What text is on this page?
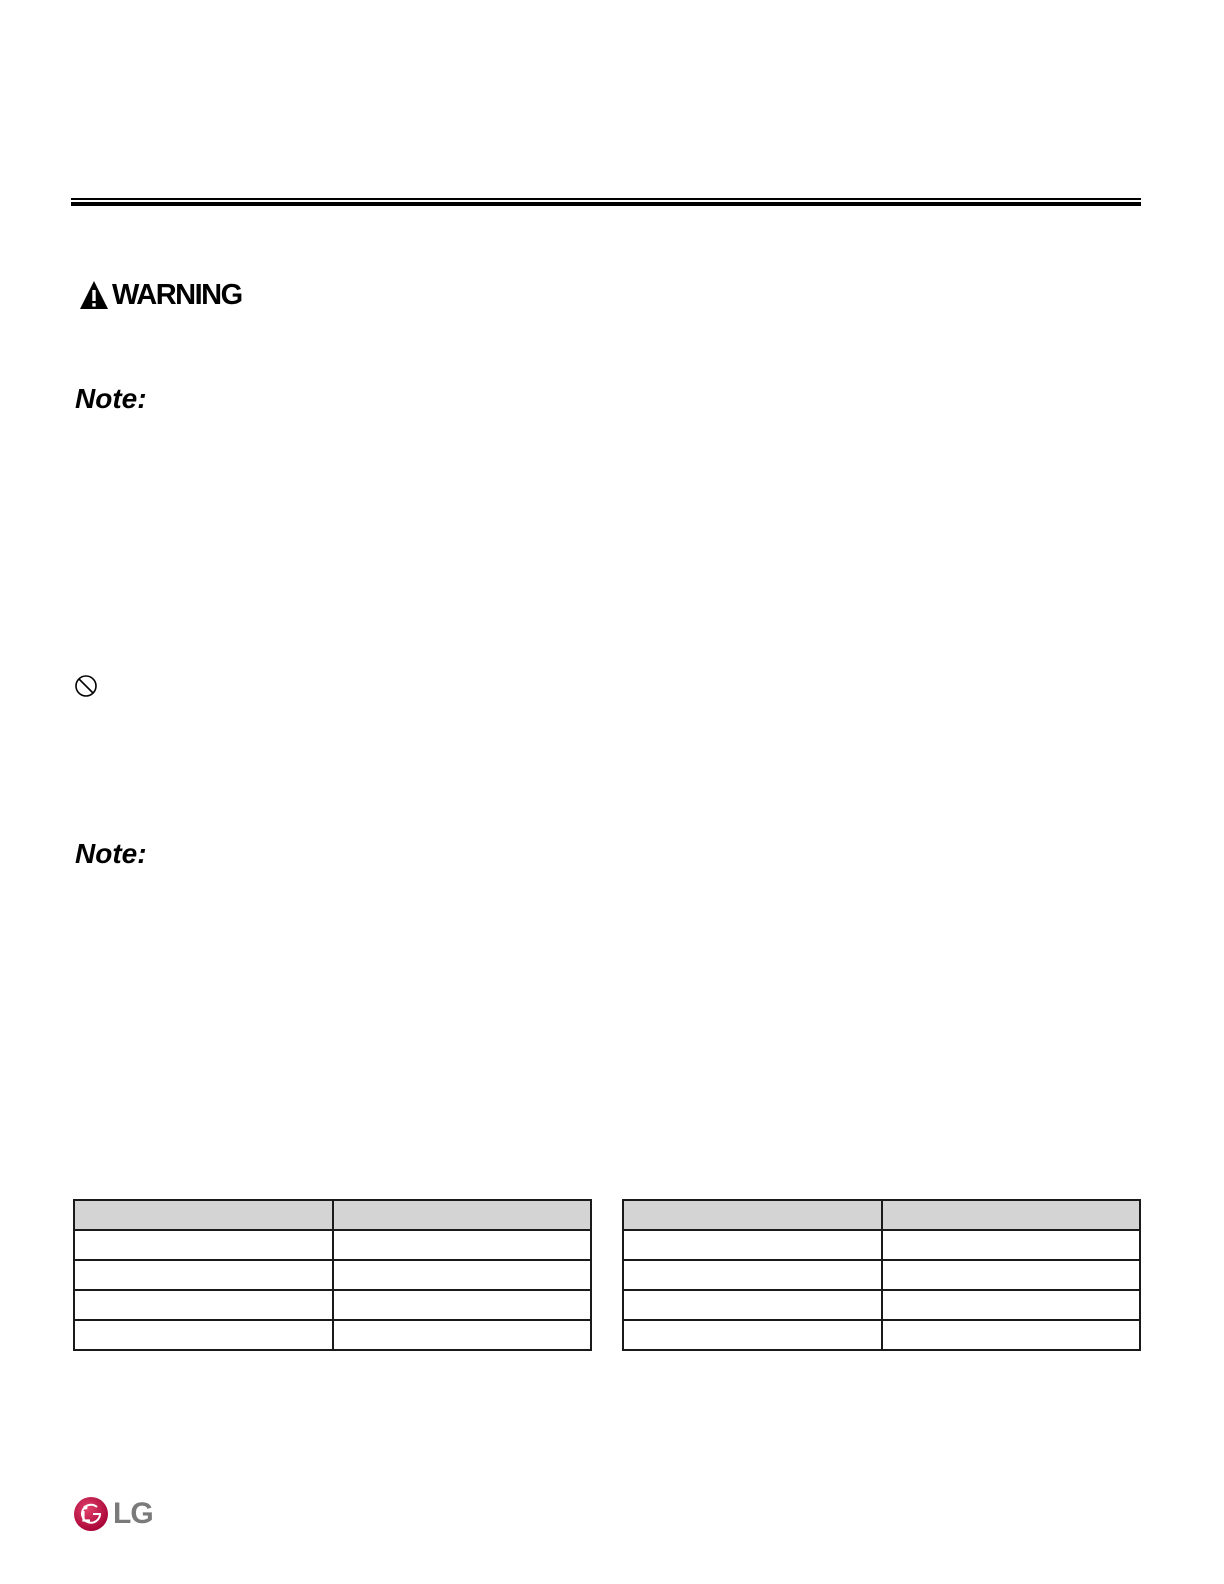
WARNING
Note:
Note:

LG
